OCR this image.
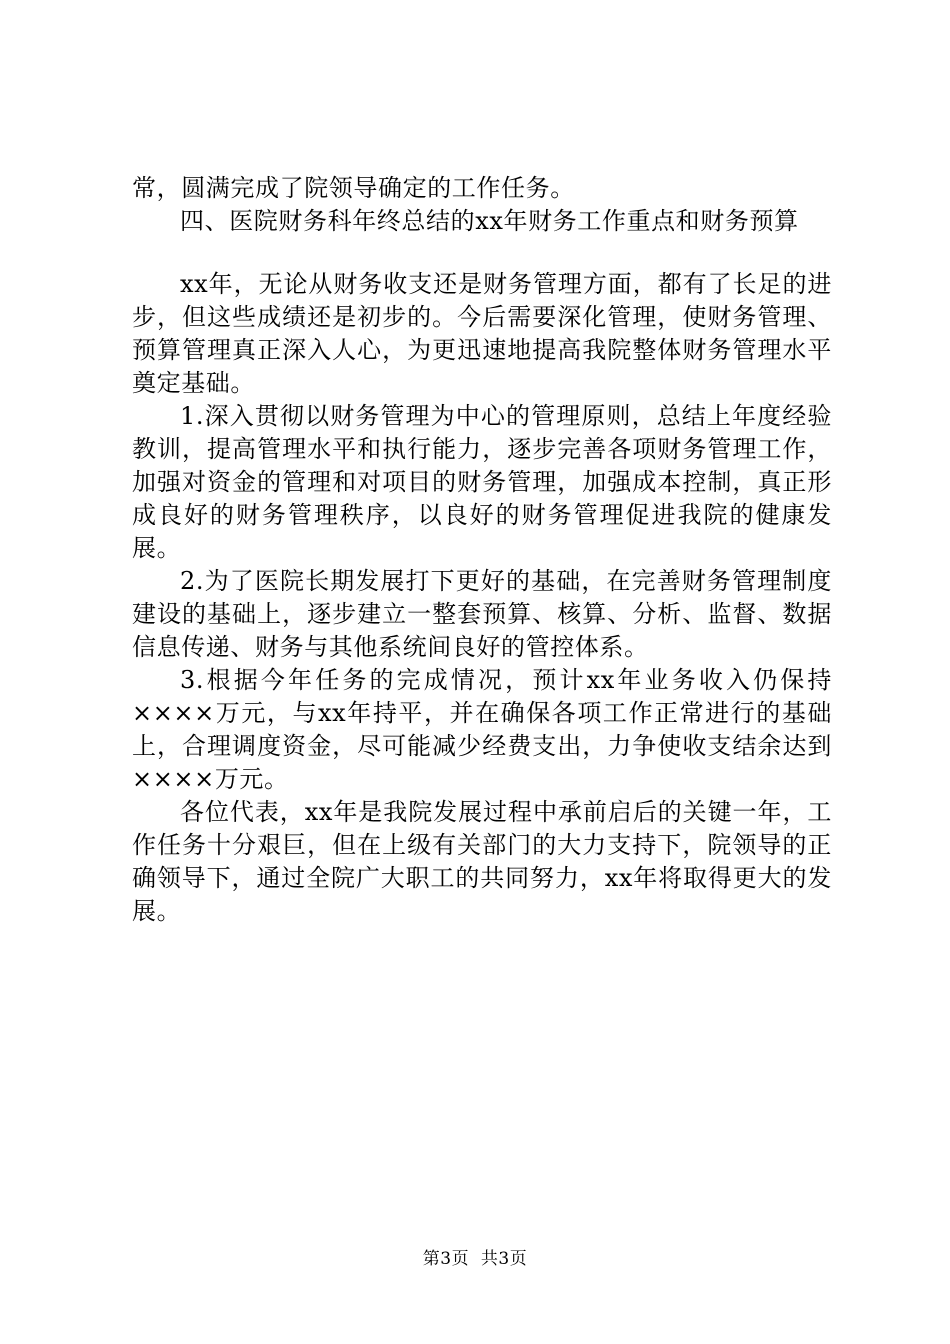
常，圆满完成了院领导确定的工作任务。

四、医院财务科年终总结的xx年财务工作重点和财务预算

xx年，无论从财务收支还是财务管理方面，都有了长足的进步，但这些成绩还是初步的。今后需要深化管理，使财务管理、预算管理真正深入人心，为更迅速地提高我院整体财务管理水平奠定基础。

1.深入贯彻以财务管理为中心的管理原则，总结上年度经验教训，提高管理水平和执行能力，逐步完善各项财务管理工作，加强对资金的管理和对项目的财务管理，加强成本控制，真正形成良好的财务管理秩序，以良好的财务管理促进我院的健康发展。

2.为了医院长期发展打下更好的基础，在完善财务管理制度建设的基础上，逐步建立一整套预算、核算、分析、监督、数据信息传递、财务与其他系统间良好的管控体系。

3.根据今年任务的完成情况，预计xx年业务收入仍保持××××万元，与xx年持平，并在确保各项工作正常进行的基础上，合理调度资金，尽可能减少经费支出，力争使收支结余达到××××万元。

各位代表，xx年是我院发展过程中承前启后的关键一年，工作任务十分艰巨，但在上级有关部门的大力支持下，院领导的正确领导下，通过全院广大职工的共同努力，xx年将取得更大的发展。

第3页  共3页
